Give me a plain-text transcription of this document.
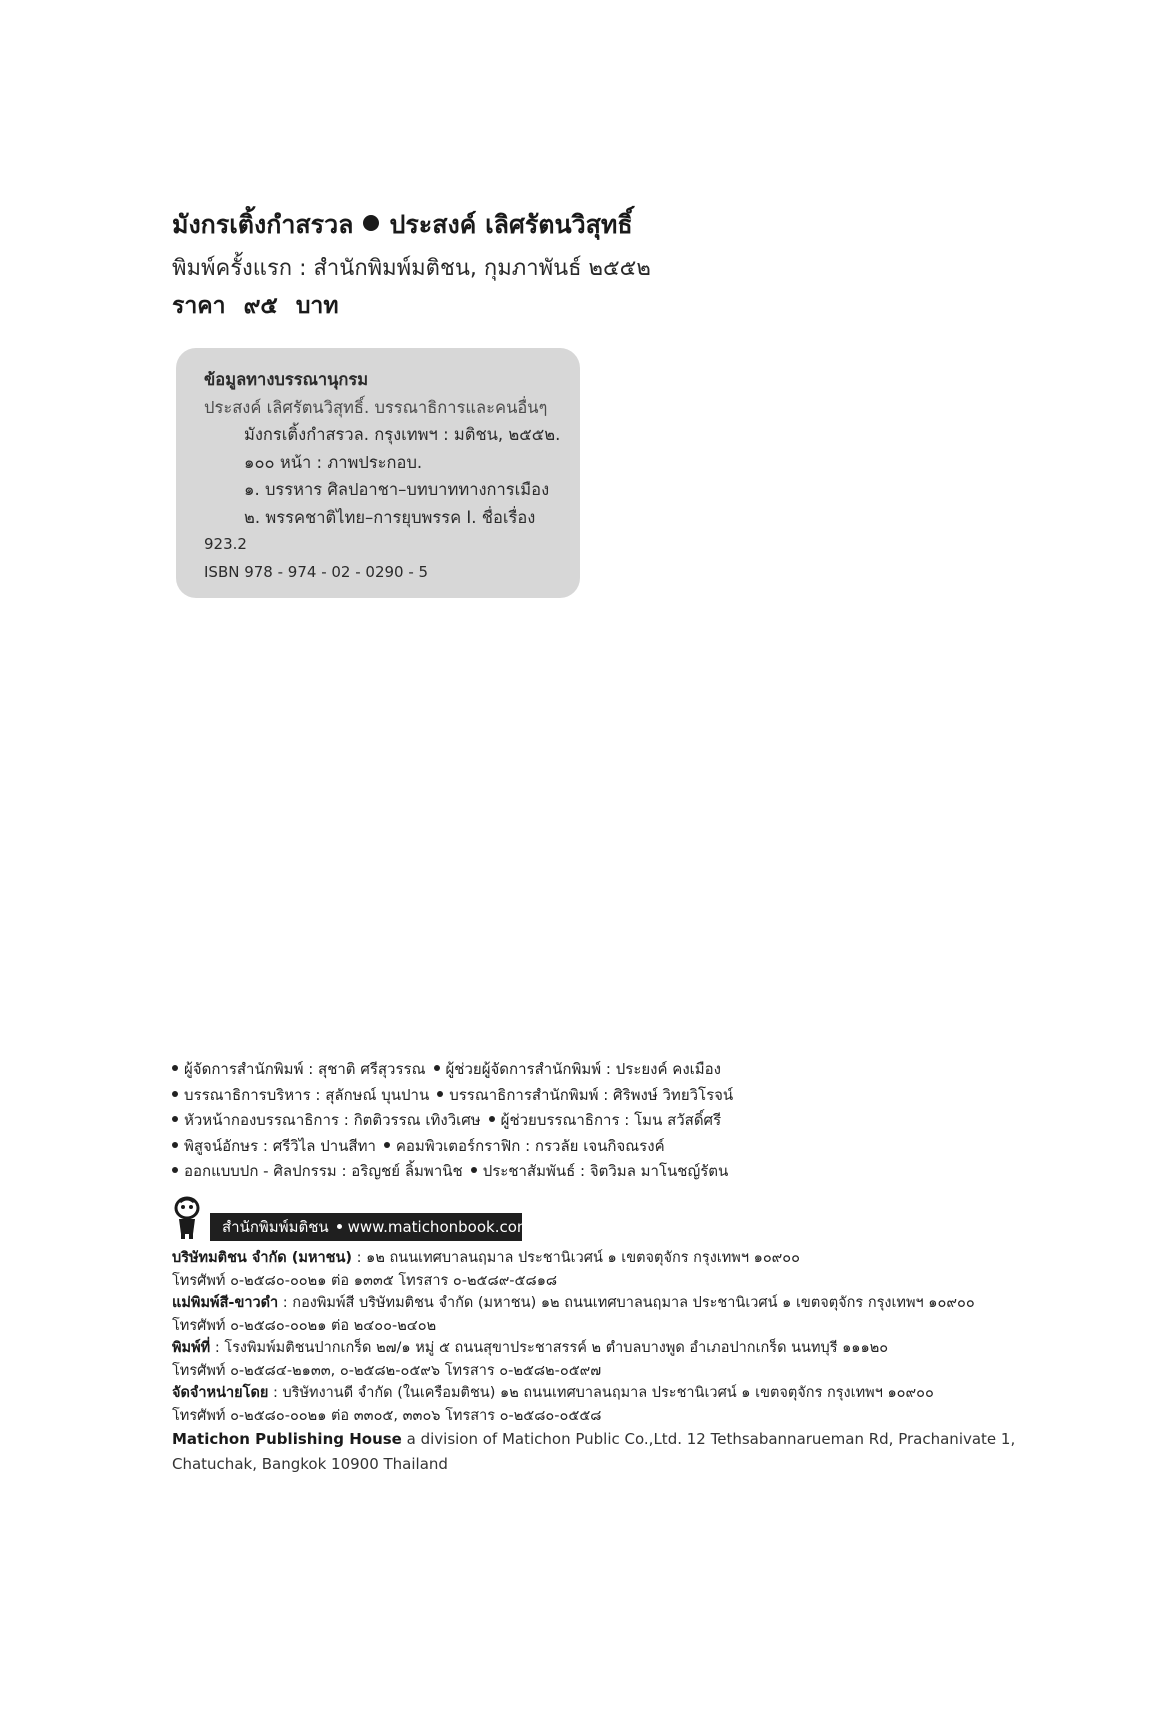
มังกรเติ้งกำสรวล ประสงค์ เลิศรัตนวิสุทธิ์
พิมพ์ครั้งแรก : สำนักพิมพ์มติชน, กุมภาพันธ์ ๒๕๕๒
ราคา ๙๕ บาท
ข้อมูลทางบรรณานุกรม
ประสงค์ เลิศรัตนวิสุทธิ์. บรรณาธิการและคนอื่นๆ
มังกรเติ้งกำสรวล. กรุงเทพฯ : มติชน, ๒๕๕๒.
๑๐๐ หน้า : ภาพประกอบ.
๑. บรรหาร ศิลปอาชา–บทบาททางการเมือง
๒. พรรคชาติไทย–การยุบพรรค I. ชื่อเรื่อง
923.2
ISBN 978 - 974 - 02 - 0290 - 5
ผู้จัดการสำนักพิมพ์ : สุชาติ ศรีสุวรรณ ผู้ช่วยผู้จัดการสำนักพิมพ์ : ประยงค์ คงเมือง
บรรณาธิการบริหาร : สุลักษณ์ บุนปาน บรรณาธิการสำนักพิมพ์ : ศิริพงษ์ วิทยวิโรจน์
หัวหน้ากองบรรณาธิการ : กิตติวรรณ เทิงวิเศษ ผู้ช่วยบรรณาธิการ : โมน สวัสดิ์ศรี
พิสูจน์อักษร : ศรีวิไล ปานสีทา คอมพิวเตอร์กราฟิก : กรวลัย เจนกิจณรงค์
ออกแบบปก - ศิลปกรรม : อริญชย์ ลิ้มพานิช ประชาสัมพันธ์ : จิตวิมล มาโนชญ์รัตน
สำนักพิมพ์มติชน www.matichonbook.com
บริษัทมติชน จำกัด (มหาชน) : ๑๒ ถนนเทศบาลนฤมาล ประชานิเวศน์ ๑ เขตจตุจักร กรุงเทพฯ ๑๐๙๐๐
โทรศัพท์ ๐-๒๕๘๐-๐๐๒๑ ต่อ ๑๓๓๕ โทรสาร ๐-๒๕๘๙-๕๘๑๘
แม่พิมพ์สี-ขาวดำ : กองพิมพ์สี บริษัทมติชน จำกัด (มหาชน) ๑๒ ถนนเทศบาลนฤมาล ประชานิเวศน์ ๑ เขตจตุจักร กรุงเทพฯ ๑๐๙๐๐
โทรศัพท์ ๐-๒๕๘๐-๐๐๒๑ ต่อ ๒๔๐๐-๒๔๐๒
พิมพ์ที่ : โรงพิมพ์มติชนปากเกร็ด ๒๗/๑ หมู่ ๕ ถนนสุขาประชาสรรค์ ๒ ตำบลบางพูด อำเภอปากเกร็ด นนทบุรี ๑๑๑๒๐
โทรศัพท์ ๐-๒๕๘๔-๒๑๓๓, ๐-๒๕๘๒-๐๕๙๖ โทรสาร ๐-๒๕๘๒-๐๕๙๗
จัดจำหน่ายโดย : บริษัทงานดี จำกัด (ในเครือมติชน) ๑๒ ถนนเทศบาลนฤมาล ประชานิเวศน์ ๑ เขตจตุจักร กรุงเทพฯ ๑๐๙๐๐
โทรศัพท์ ๐-๒๕๘๐-๐๐๒๑ ต่อ ๓๓๐๕, ๓๓๐๖ โทรสาร ๐-๒๕๘๐-๐๕๕๘
Matichon Publishing House a division of Matichon Public Co.,Ltd. 12 Tethsabannarueman Rd, Prachanivate 1,
Chatuchak, Bangkok 10900 Thailand
